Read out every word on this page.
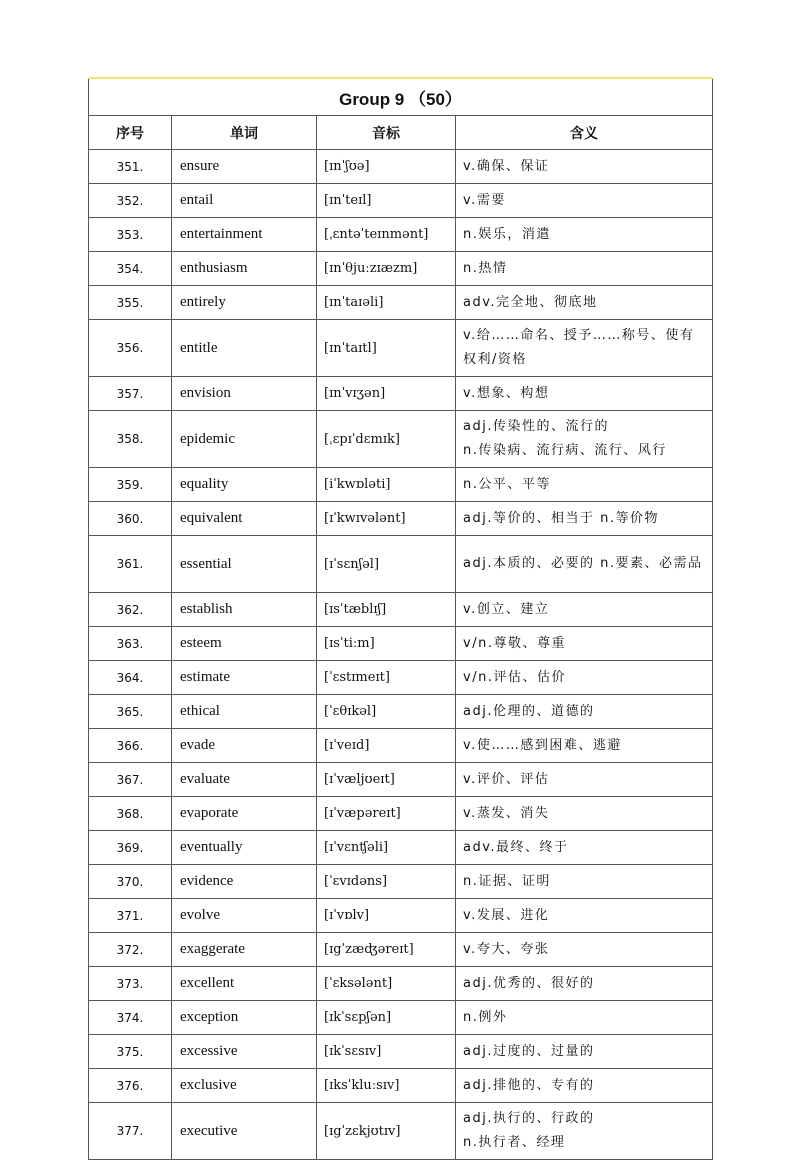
Group 9 （50）			
序号	单词	音标	含义
351.	ensure	[ɪnˈʃʊə]	v.确保、保证
352.	entail	[ɪnˈteɪl]	v.需要
353.	entertainment	[ˌɛntəˈteɪnmənt]	n.娱乐，消遣
354.	enthusiasm	[ɪnˈθjuːzɪæzm]	n.热情
355.	entirely	[ɪnˈtaɪəli]	adv.完全地、彻底地
356.	entitle	[ɪnˈtaɪtl]	v.给……命名、授予……称号、使有权利/资格
357.	envision	[ɪnˈvɪʒən]	v.想象、构想
358.	epidemic	[ˌɛpɪˈdɛmɪk]	adj.传染性的、流行的
n.传染病、流行病、流行、风行
359.	equality	[iˈkwɒləti]	n.公平、平等
360.	equivalent	[ɪˈkwɪvələnt]	adj.等价的、相当于 n.等价物
361.	essential	[ɪˈsɛnʃəl]	adj.本质的、必要的 n.要素、必需品
362.	establish	[ɪsˈtæblɪʃ]	v.创立、建立
363.	esteem	[ɪsˈtiːm]	v/n.尊敬、尊重
364.	estimate	[ˈɛstɪmeɪt]	v/n.评估、估价
365.	ethical	[ˈɛθɪkəl]	adj.伦理的、道德的
366.	evade	[ɪˈveɪd]	v.使……感到困难、逃避
367.	evaluate	[ɪˈvæljʊeɪt]	v.评价、评估
368.	evaporate	[ɪˈvæpəreɪt]	v.蒸发、消失
369.	eventually	[ɪˈvɛnʧəli]	adv.最终、终于
370.	evidence	[ˈɛvɪdəns]	n.证据、证明
371.	evolve	[ɪˈvɒlv]	v.发展、进化
372.	exaggerate	[ɪgˈzæʤəreɪt]	v.夸大、夸张
373.	excellent	[ˈɛksələnt]	adj.优秀的、很好的
374.	exception	[ɪkˈsɛpʃən]	n.例外
375.	excessive	[ɪkˈsɛsɪv]	adj.过度的、过量的
376.	exclusive	[ɪksˈkluːsɪv]	adj.排他的、专有的
377.	executive	[ɪgˈzɛkjʊtɪv]	adj.执行的、行政的
n.执行者、经理
